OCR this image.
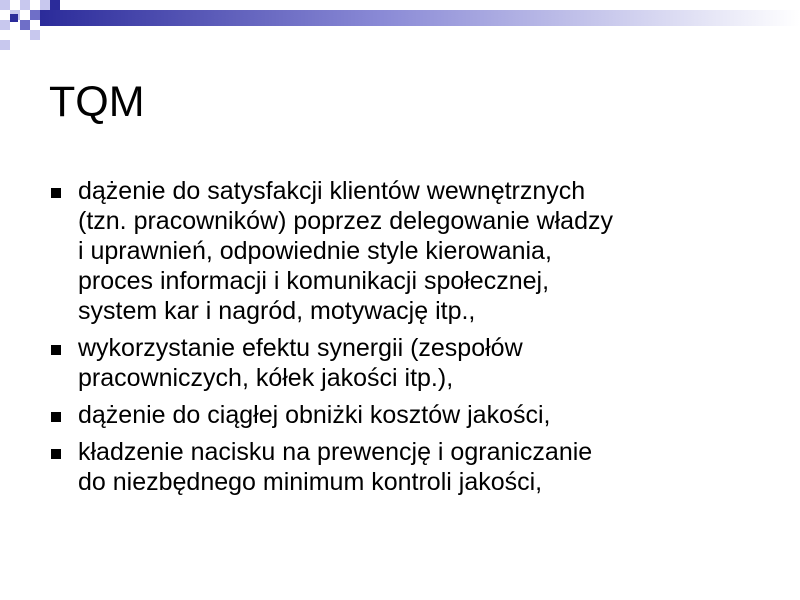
TQM
dążenie do satysfakcji klientów wewnętrznych
(tzn. pracowników) poprzez delegowanie władzy
i uprawnień, odpowiednie style kierowania,
proces informacji i komunikacji społecznej,
system kar i nagród, motywację itp.,
wykorzystanie efektu synergii (zespołów
pracowniczych, kółek jakości itp.),
dążenie do ciągłej obniżki kosztów jakości,
kładzenie nacisku na prewencję i ograniczanie
do niezbędnego minimum kontroli jakości,
